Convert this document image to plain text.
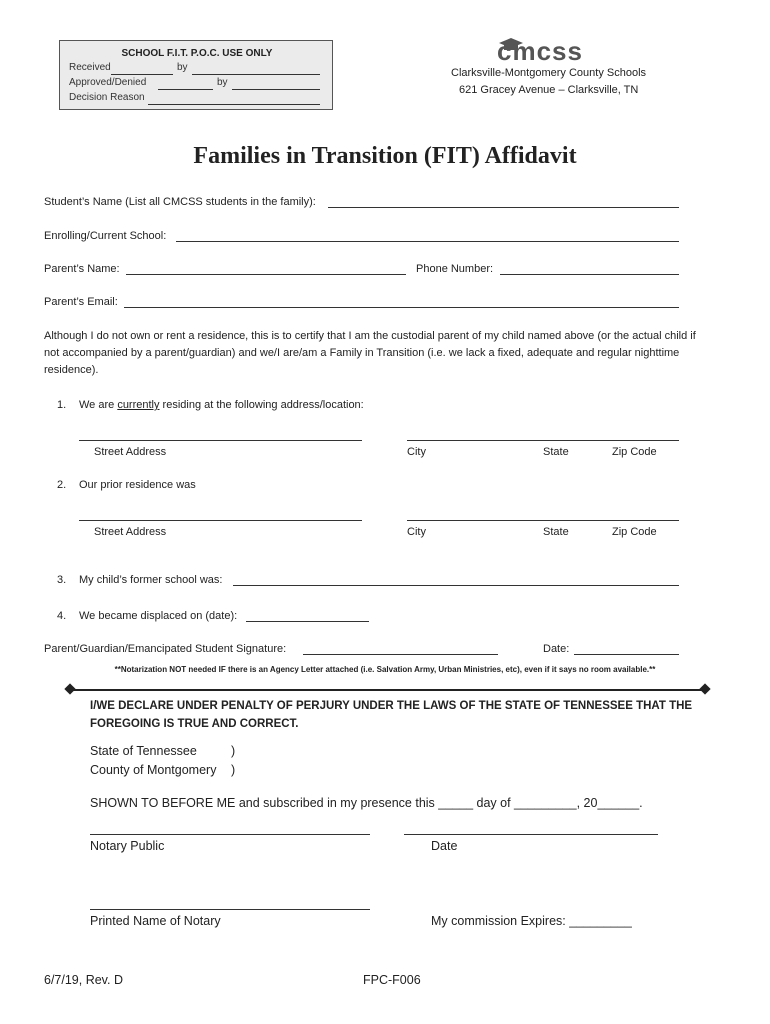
SCHOOL F.I.T. P.O.C. USE ONLY
Received	by
Approved/Denied	by
Decision Reason
cmcss
Clarksville-Montgomery County Schools
621 Gracey Avenue – Clarksville, TN
Families in Transition (FIT) Affidavit
Student’s Name (List all CMCSS students in the family):
Enrolling/Current School:
Parent’s Name:	Phone Number:
Parent’s Email:
Although I do not own or rent a residence, this is to certify that I am the custodial parent of my child named above (or the actual child if not accompanied by a parent/guardian) and we/I are/am a Family in Transition (i.e. we lack a fixed, adequate and regular nighttime residence).
1. We are currently residing at the following address/location:
Street Address	City	State	Zip Code
2. Our prior residence was
Street Address	City	State	Zip Code
3. My child’s former school was:
4. We became displaced on (date):
Parent/Guardian/Emancipated Student Signature:	Date:
**Notarization NOT needed IF there is an Agency Letter attached (i.e. Salvation Army, Urban Ministries, etc), even if it says no room available.**
I/WE DECLARE UNDER PENALTY OF PERJURY UNDER THE LAWS OF THE STATE OF TENNESSEE THAT THE FOREGOING IS TRUE AND CORRECT.
State of Tennessee	)
County of Montgomery )
SHOWN TO BEFORE ME and subscribed in my presence this _____ day of _________, 20______.
Notary Public	Date
Printed Name of Notary	My commission Expires: _________
6/7/19, Rev. D	FPC-F006
